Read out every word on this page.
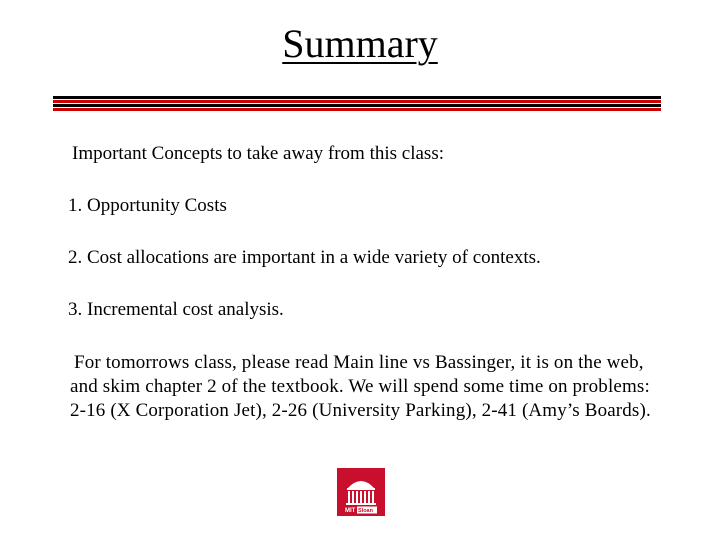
Summary
Important Concepts to take away from this class:
1. Opportunity Costs
2. Cost allocations are important in a wide variety of contexts.
3. Incremental cost analysis.
For tomorrows class, please read Main line vs Bassinger, it is on the web, and skim chapter 2 of the textbook. We will spend some time on problems: 2-16 (X Corporation Jet), 2-26 (University Parking), 2-41 (Amy’s Boards).
MIT Sloan
